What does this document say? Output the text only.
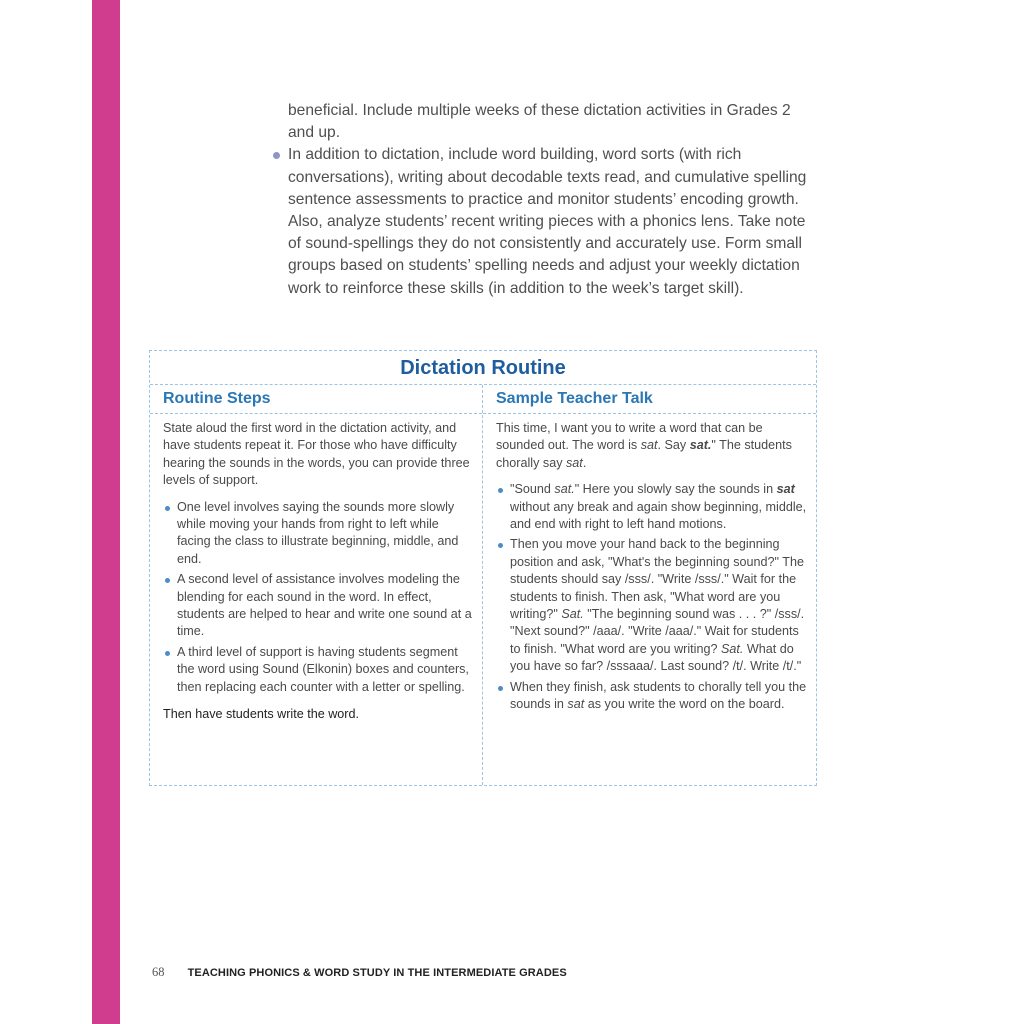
beneficial. Include multiple weeks of these dictation activities in Grades 2 and up.

In addition to dictation, include word building, word sorts (with rich conversations), writing about decodable texts read, and cumulative spelling sentence assessments to practice and monitor students’ encoding growth. Also, analyze students’ recent writing pieces with a phonics lens. Take note of sound-spellings they do not consistently and accurately use. Form small groups based on students’ spelling needs and adjust your weekly dictation work to reinforce these skills (in addition to the week’s target skill).
Dictation Routine
Routine Steps

State aloud the first word in the dictation activity, and have students repeat it. For those who have difficulty hearing the sounds in the words, you can provide three levels of support.

One level involves saying the sounds more slowly while moving your hands from right to left while facing the class to illustrate beginning, middle, and end.
A second level of assistance involves modeling the blending for each sound in the word. In effect, students are helped to hear and write one sound at a time.
A third level of support is having students segment the word using Sound (Elkonin) boxes and counters, then replacing each counter with a letter or spelling.

Then have students write the word.

Sample Teacher Talk

This time, I want you to write a word that can be sounded out. The word is sat. Say sat." The students chorally say sat.

"Sound sat." Here you slowly say the sounds in sat without any break and again show beginning, middle, and end with right to left hand motions.
Then you move your hand back to the beginning position and ask, "What's the beginning sound?" The students should say /sss/. "Write /sss/." Wait for the students to finish. Then ask, "What word are you writing?" Sat. "The beginning sound was . . . ?" /sss/. "Next sound?" /aaa/. "Write /aaa/." Wait for students to finish. "What word are you writing? Sat. What do you have so far? /sssaaa/. Last sound? /t/. Write /t/."
When they finish, ask students to chorally tell you the sounds in sat as you write the word on the board.
68 TEACHING PHONICS & WORD STUDY IN THE INTERMEDIATE GRADES
